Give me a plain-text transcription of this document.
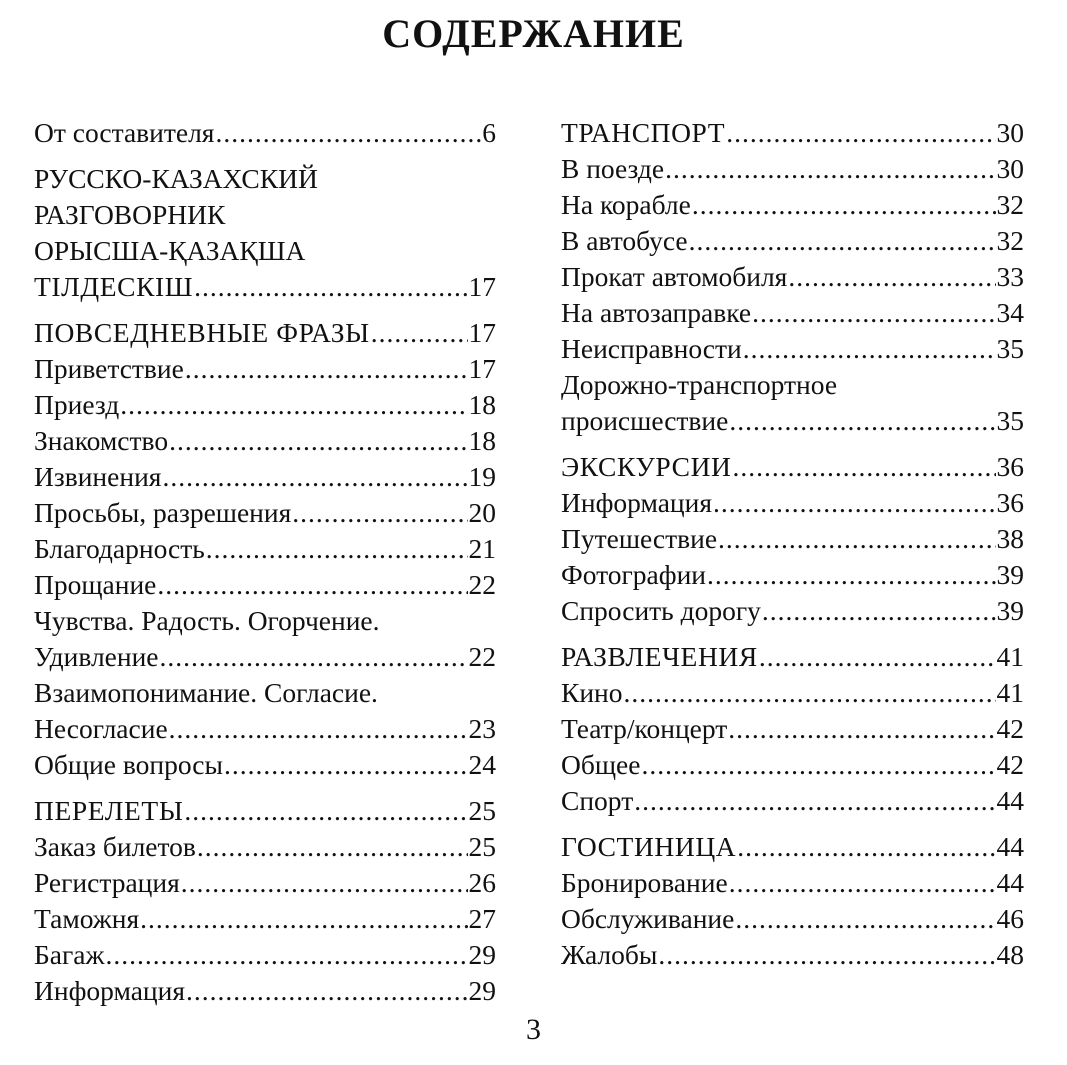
СОДЕРЖАНИЕ
От составителя .....	6
РУССКО-КАЗАХСКИЙ
РАЗГОВОРНИК
ОРЫСША-ҚАЗАҚША
ТІЛДЕСКІШ .....	17
ПОВСЕДНЕВНЫЕ ФРАЗЫ .....	17
Приветствие .....	17
Приезд .....	18
Знакомство .....	18
Извинения .....	19
Просьбы, разрешения .....	20
Благодарность .....	21
Прощание .....	22
Чувства. Радость. Огорчение.
Удивление .....	22
Взаимопонимание. Согласие.
Несогласие .....	23
Общие вопросы .....	24
ПЕРЕЛЕТЫ .....	25
Заказ билетов .....	25
Регистрация .....	26
Таможня .....	27
Багаж .....	29
Информация .....	29
ТРАНСПОРТ .....	30
В поезде .....	30
На корабле .....	32
В автобусе .....	32
Прокат автомобиля .....	33
На автозаправке .....	34
Неисправности .....	35
Дорожно-транспортное
происшествие .....	35
ЭКСКУРСИИ .....	36
Информация .....	36
Путешествие .....	38
Фотографии .....	39
Спросить дорогу .....	39
РАЗВЛЕЧЕНИЯ .....	41
Кино .....	41
Театр/концерт .....	42
Общее .....	42
Спорт .....	44
ГОСТИНИЦА .....	44
Бронирование .....	44
Обслуживание .....	46
Жалобы .....	48
3
